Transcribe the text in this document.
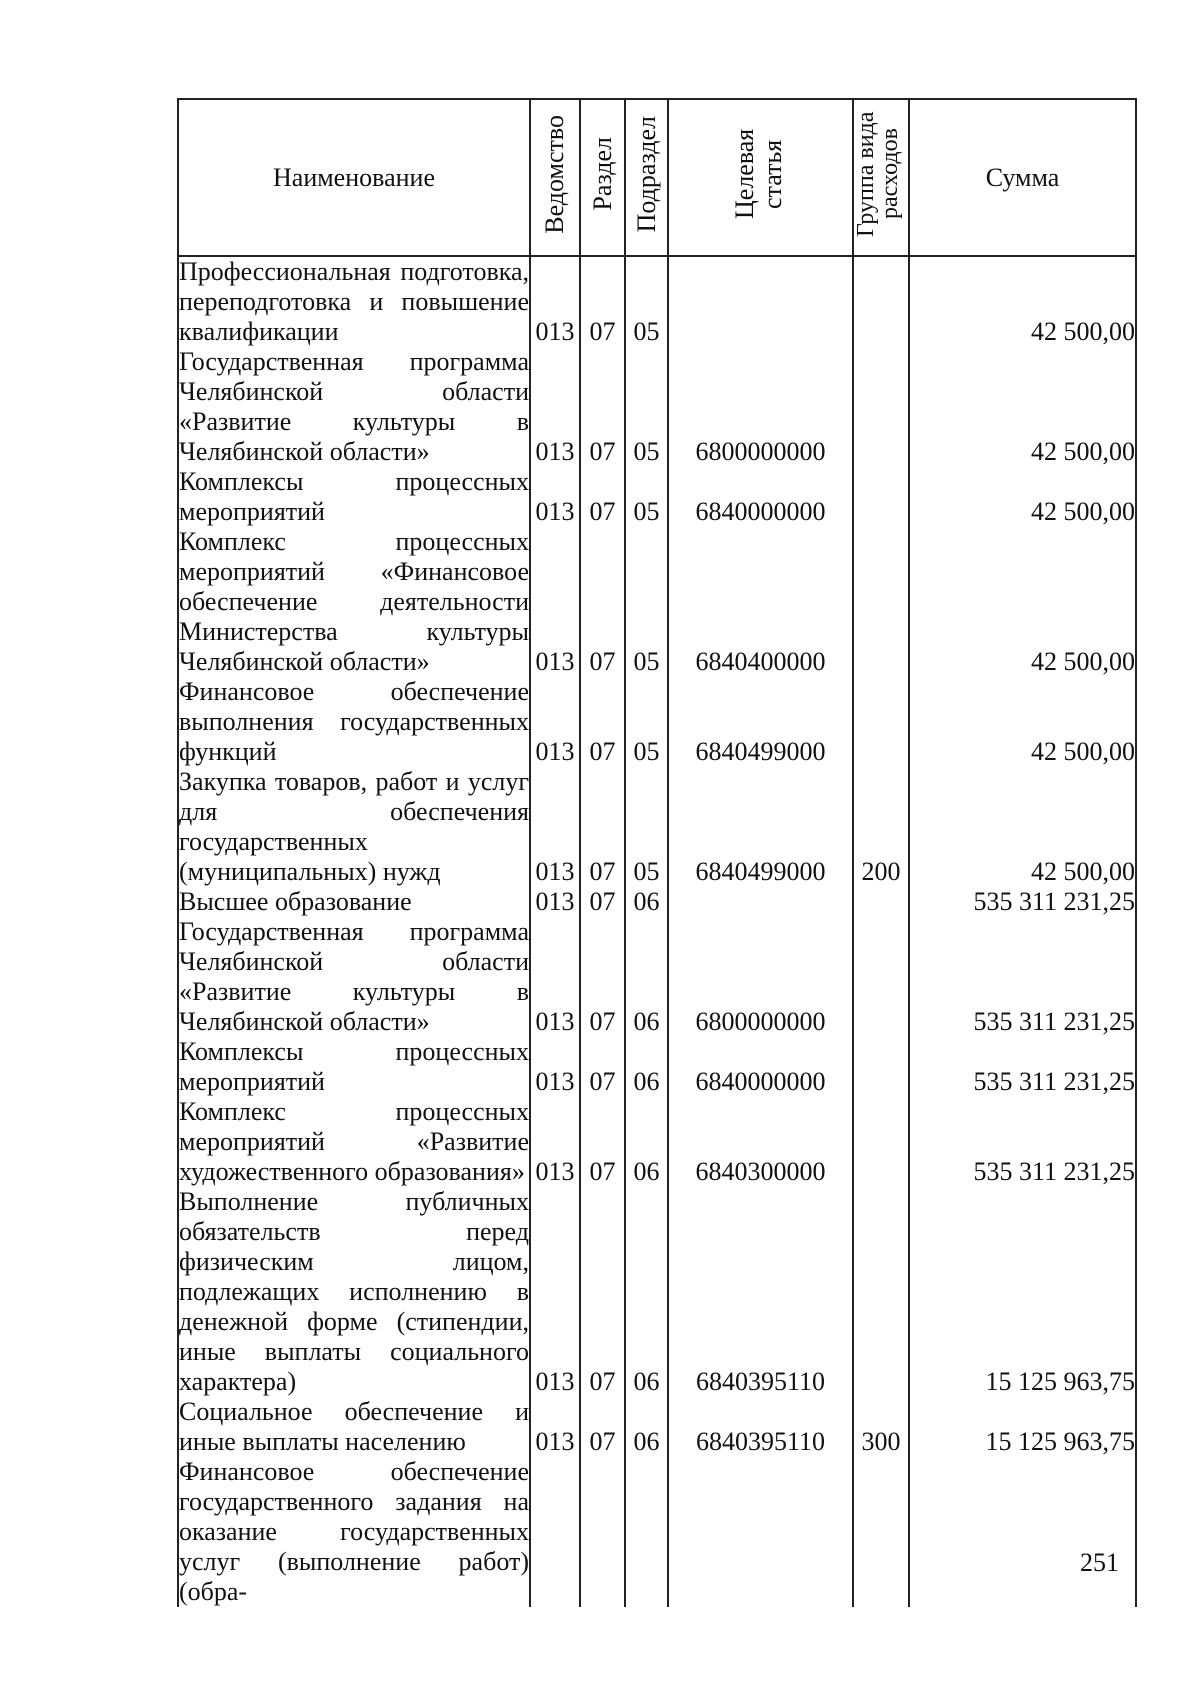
Наименование	Ведомство	Раздел	Подраздел	Целевая статья	Группа вида расходов	Сумма
Профессиональная подготовка, переподготовка и повышение квалификации	013	07	05			42 500,00
Государственная программа Челябинской области «Развитие культуры в Челябинской области»	013	07	05	6800000000		42 500,00
Комплексы процессных мероприятий	013	07	05	6840000000		42 500,00
Комплекс процессных мероприятий «Финансовое обеспечение деятельности Министерства культуры Челябинской области»	013	07	05	6840400000		42 500,00
Финансовое обеспечение выполнения государственных функций	013	07	05	6840499000		42 500,00
Закупка товаров, работ и услуг для обеспечения государственных (муниципальных) нужд	013	07	05	6840499000	200	42 500,00
Высшее образование	013	07	06			535 311 231,25
Государственная программа Челябинской области «Развитие культуры в Челябинской области»	013	07	06	6800000000		535 311 231,25
Комплексы процессных мероприятий	013	07	06	6840000000		535 311 231,25
Комплекс процессных мероприятий «Развитие художественного образования»	013	07	06	6840300000		535 311 231,25
Выполнение публичных обязательств перед физическим лицом, подлежащих исполнению в денежной форме (стипендии, иные выплаты социального характера)	013	07	06	6840395110		15 125 963,75
Социальное обеспечение и иные выплаты населению	013	07	06	6840395110	300	15 125 963,75
Финансовое обеспечение государственного задания на оказание государственных услуг (выполнение работ) (обра-						
251
